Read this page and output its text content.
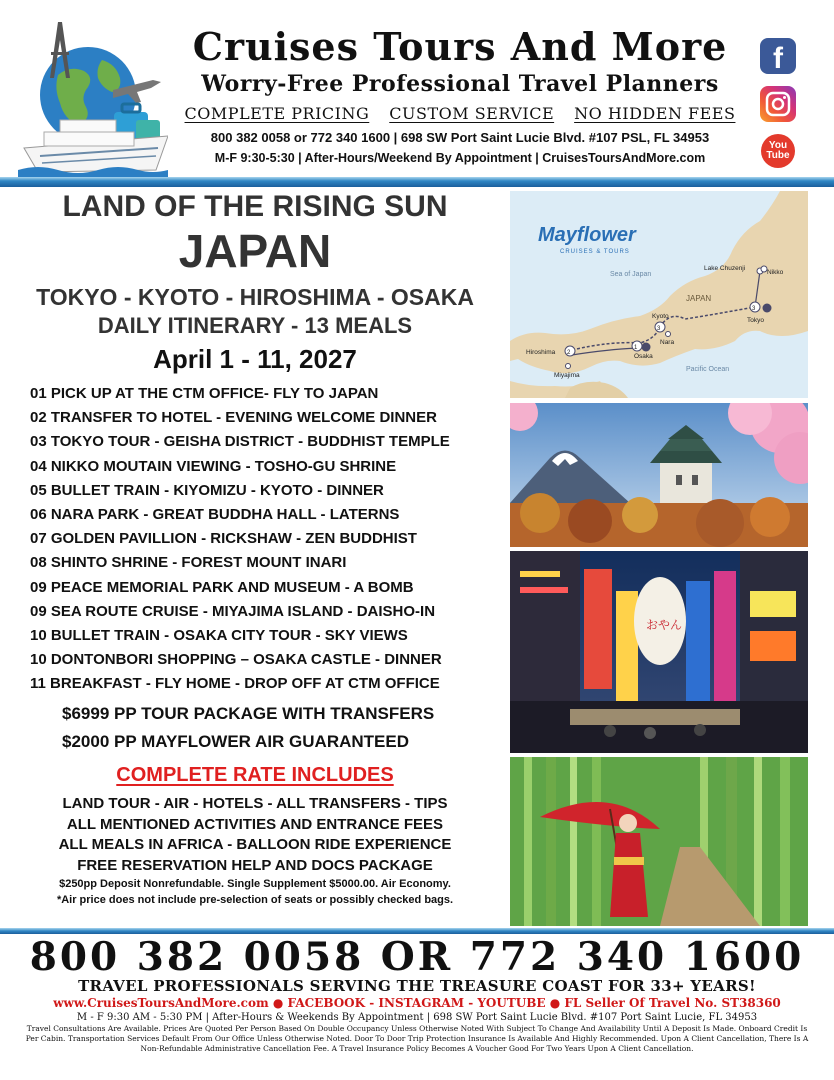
Cruises Tours And More
Worry-Free Professional Travel Planners
COMPLETE PRICING CUSTOM SERVICE NO HIDDEN FEES
800 382 0058 or 772 340 1600 | 698 SW Port Saint Lucie Blvd. #107 PSL, FL 34953
M-F 9:30-5:30 | After-Hours/Weekend By Appointment | CruisesToursAndMore.com
f
You
Tube
LAND OF THE RISING SUN
JAPAN
TOKYO - KYOTO - HIROSHIMA - OSAKA
DAILY ITINERARY - 13 MEALS
April 1 - 11, 2027
01 PICK UP AT THE CTM OFFICE- FLY TO JAPAN
02 TRANSFER TO HOTEL - EVENING WELCOME DINNER
03 TOKYO TOUR - GEISHA DISTRICT - BUDDHIST TEMPLE
04 NIKKO MOUTAIN VIEWING - TOSHO-GU SHRINE
05 BULLET TRAIN - KIYOMIZU - KYOTO - DINNER
06 NARA PARK - GREAT BUDDHA HALL - LATERNS
07 GOLDEN PAVILLION - RICKSHAW - ZEN BUDDHIST
08 SHINTO SHRINE - FOREST MOUNT INARI
09 PEACE MEMORIAL PARK AND MUSEUM - A BOMB
09 SEA ROUTE CRUISE - MIYAJIMA ISLAND - DAISHO-IN
10 BULLET TRAIN - OSAKA CITY TOUR - SKY VIEWS
10 DONTONBORI SHOPPING – OSAKA CASTLE - DINNER
11 BREAKFAST - FLY HOME - DROP OFF AT CTM OFFICE
$6999 PP TOUR PACKAGE WITH TRANSFERS
$2000 PP MAYFLOWER AIR GUARANTEED
COMPLETE RATE INCLUDES
LAND TOUR - AIR - HOTELS - ALL TRANSFERS - TIPS
ALL MENTIONED ACTIVITIES AND ENTRANCE FEES
ALL MEALS IN AFRICA - BALLOON RIDE EXPERIENCE
FREE RESERVATION HELP AND DOCS PACKAGE
$250pp Deposit Nonrefundable. Single Supplement $5000.00. Air Economy.
*Air price does not include pre-selection of seats or possibly checked bags.
Mayflower
CRUISES & TOURS
Sea of Japan
JAPAN
Pacific Ocean
Lake Chuzenji
Nikko
3
Tokyo
3
Kyoto
Nara
1
Osaka
2
Hiroshima
Miyajima
おやん
800 382 0058 OR 772 340 1600
TRAVEL PROFESSIONALS SERVING THE TREASURE COAST FOR 33+ YEARS!
www.CruisesToursAndMore.com ● FACEBOOK - INSTAGRAM - YOUTUBE ● FL Seller Of Travel No. ST38360
M - F 9:30 AM - 5:30 PM | After-Hours & Weekends By Appointment | 698 SW Port Saint Lucie Blvd. #107 Port Saint Lucie, FL 34953
Travel Consultations Are Available. Prices Are Quoted Per Person Based On Double Occupancy Unless Otherwise Noted With Subject To Change And Availability Until A Deposit Is Made. Onboard Credit Is Per Cabin. Transportation Services Default From Our Office Unless Otherwise Noted. Door To Door Trip Protection Insurance Is Available And Highly Recommended. Upon A Client Cancellation, There Is A Non-Refundable Administrative Cancellation Fee. A Travel Insurance Policy Becomes A Voucher Good For Two Years Upon A Client Cancellation.
